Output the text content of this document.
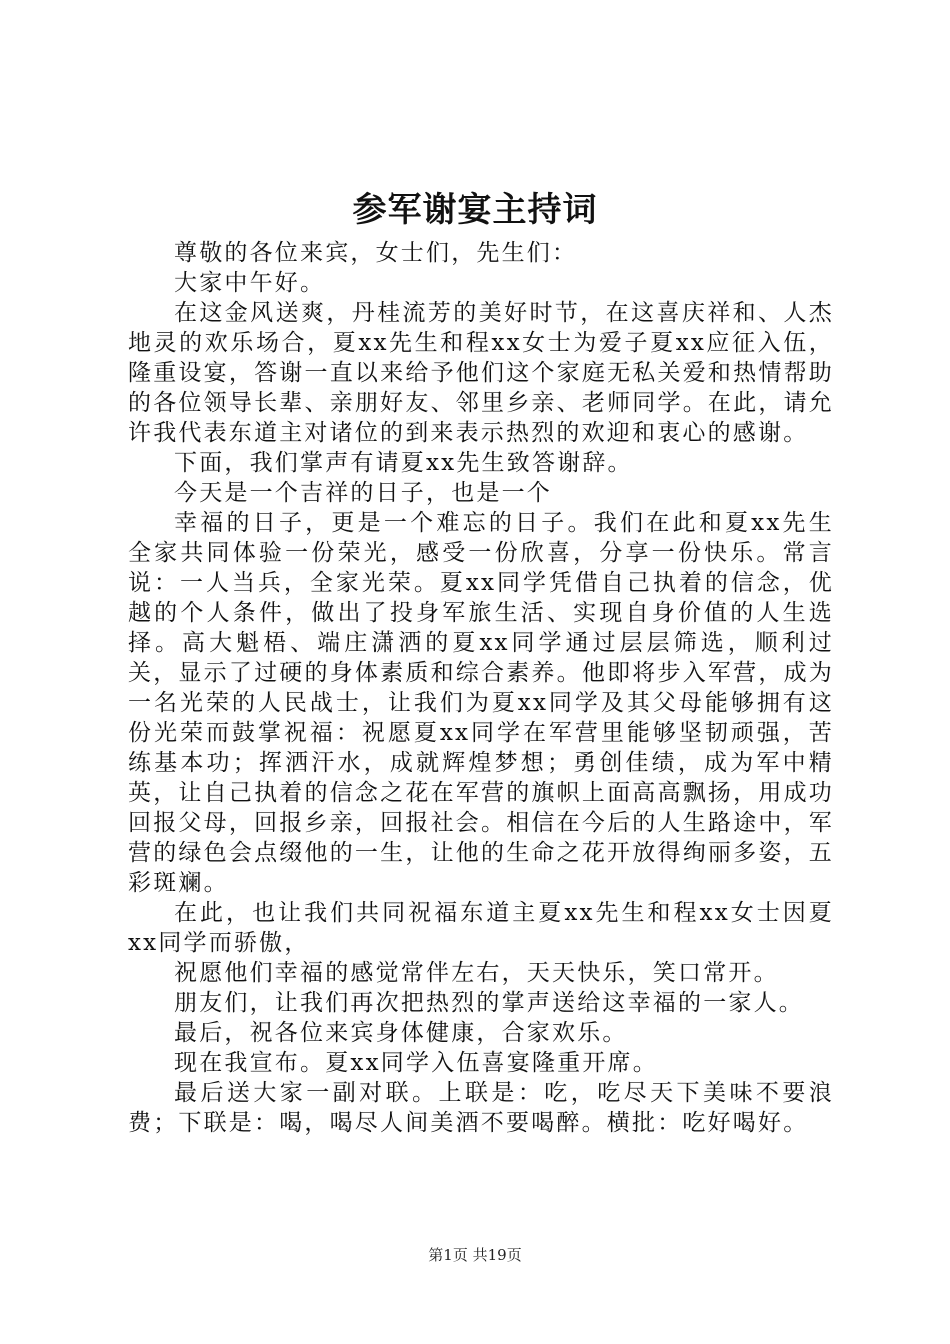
参军谢宴主持词

尊敬的各位来宾，女士们，先生们：

大家中午好。

在这金风送爽，丹桂流芳的美好时节，在这喜庆祥和、人杰地灵的欢乐场合，夏xx先生和程xx女士为爱子夏xx应征入伍，隆重设宴，答谢一直以来给予他们这个家庭无私关爱和热情帮助的各位领导长辈、亲朋好友、邻里乡亲、老师同学。在此，请允许我代表东道主对诸位的到来表示热烈的欢迎和衷心的感谢。

下面，我们掌声有请夏xx先生致答谢辞。

今天是一个吉祥的日子，也是一个

幸福的日子，更是一个难忘的日子。我们在此和夏xx先生全家共同体验一份荣光，感受一份欣喜，分享一份快乐。常言说：一人当兵，全家光荣。夏xx同学凭借自己执着的信念，优越的个人条件，做出了投身军旅生活、实现自身价值的人生选择。高大魁梧、端庄潇洒的夏xx同学通过层层筛选，顺利过关，显示了过硬的身体素质和综合素养。他即将步入军营，成为一名光荣的人民战士，让我们为夏xx同学及其父母能够拥有这份光荣而鼓掌祝福：祝愿夏xx同学在军营里能够坚韧顽强，苦练基本功；挥洒汗水，成就辉煌梦想；勇创佳绩，成为军中精英，让自己执着的信念之花在军营的旗帜上面高高飘扬，用成功回报父母，回报乡亲，回报社会。相信在今后的人生路途中，军营的绿色会点缀他的一生，让他的生命之花开放得绚丽多姿，五彩斑斓。

在此，也让我们共同祝福东道主夏xx先生和程xx女士因夏xx同学而骄傲，

祝愿他们幸福的感觉常伴左右，天天快乐，笑口常开。

朋友们，让我们再次把热烈的掌声送给这幸福的一家人。

最后，祝各位来宾身体健康，合家欢乐。

现在我宣布。夏xx同学入伍喜宴隆重开席。

最后送大家一副对联。上联是：吃，吃尽天下美味不要浪费；下联是：喝，喝尽人间美酒不要喝醉。横批：吃好喝好。

第1页 共19页
